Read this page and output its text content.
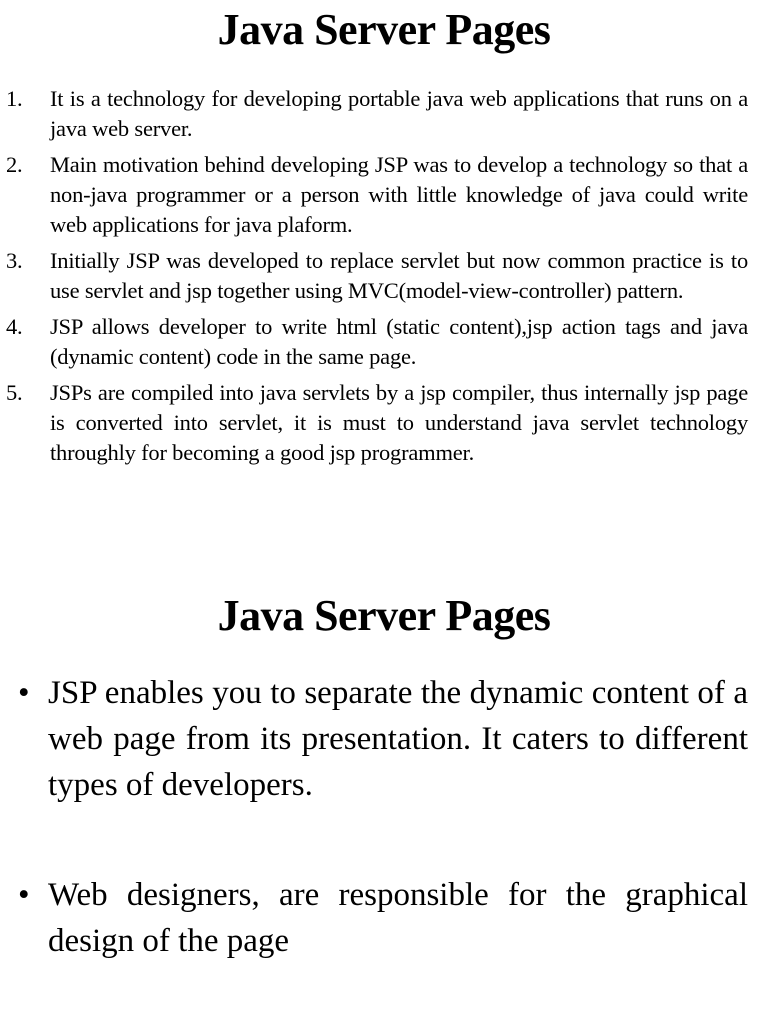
Java Server Pages
1. It is a technology for developing portable java web applications that runs on a java web server.
2. Main motivation behind developing JSP was to develop a technology so that a non-java programmer or a person with little knowledge of java could write web applications for java plaform.
3. Initially JSP was developed to replace servlet but now common practice is to use servlet and jsp together using MVC(model-view-controller) pattern.
4. JSP allows developer to write html (static content),jsp action tags and java (dynamic content) code in the same page.
5. JSPs are compiled into java servlets by a jsp compiler, thus internally jsp page is converted into servlet, it is must to understand java servlet technology throughly for becoming a good jsp programmer.
Java Server Pages
• JSP enables you to separate the dynamic content of a web page from its presentation. It caters to different types of developers.
• Web designers, are responsible for the graphical design of the page
